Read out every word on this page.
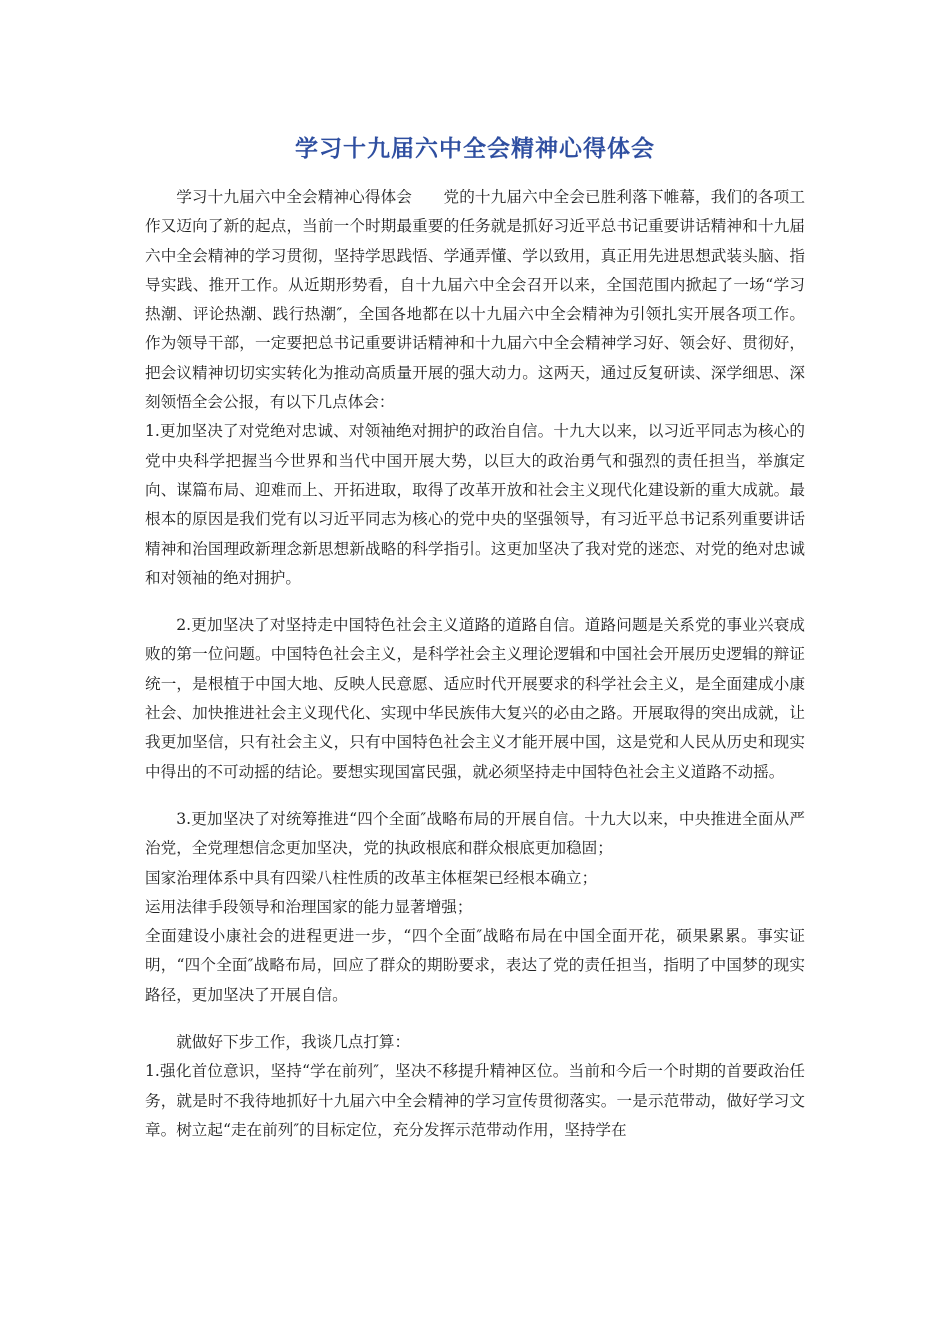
学习十九届六中全会精神心得体会

学习十九届六中全会精神心得体会　　党的十九届六中全会已胜利落下帷幕，我们的各项工作又迈向了新的起点，当前一个时期最重要的任务就是抓好习近平总书记重要讲话精神和十九届六中全会精神的学习贯彻，坚持学思践悟、学通弄懂、学以致用，真正用先进思想武装头脑、指导实践、推开工作。从近期形势看，自十九届六中全会召开以来，全国范围内掀起了一场“学习热潮、评论热潮、践行热潮″，全国各地都在以十九届六中全会精神为引领扎实开展各项工作。作为领导干部，一定要把总书记重要讲话精神和十九届六中全会精神学习好、领会好、贯彻好，把会议精神切切实实转化为推动高质量开展的强大动力。这两天，通过反复研读、深学细思、深刻领悟全会公报，有以下几点体会：

1.更加坚决了对党绝对忠诚、对领袖绝对拥护的政治自信。十九大以来，以习近平同志为核心的党中央科学把握当今世界和当代中国开展大势，以巨大的政治勇气和强烈的责任担当，举旗定向、谋篇布局、迎难而上、开拓进取，取得了改革开放和社会主义现代化建设新的重大成就。最根本的原因是我们党有以习近平同志为核心的党中央的坚强领导，有习近平总书记系列重要讲话精神和治国理政新理念新思想新战略的科学指引。这更加坚决了我对党的迷恋、对党的绝对忠诚和对领袖的绝对拥护。

2.更加坚决了对坚持走中国特色社会主义道路的道路自信。道路问题是关系党的事业兴衰成败的第一位问题。中国特色社会主义，是科学社会主义理论逻辑和中国社会开展历史逻辑的辩证统一，是根植于中国大地、反映人民意愿、适应时代开展要求的科学社会主义，是全面建成小康社会、加快推进社会主义现代化、实现中华民族伟大复兴的必由之路。开展取得的突出成就，让我更加坚信，只有社会主义，只有中国特色社会主义才能开展中国，这是党和人民从历史和现实中得出的不可动摇的结论。要想实现国富民强，就必须坚持走中国特色社会主义道路不动摇。

3.更加坚决了对统筹推进“四个全面″战略布局的开展自信。十九大以来，中央推进全面从严治党，全党理想信念更加坚决，党的执政根底和群众根底更加稳固；

国家治理体系中具有四梁八柱性质的改革主体框架已经根本确立；

运用法律手段领导和治理国家的能力显著增强；

全面建设小康社会的进程更进一步，“四个全面″战略布局在中国全面开花，硕果累累。事实证明，“四个全面″战略布局，回应了群众的期盼要求，表达了党的责任担当，指明了中国梦的现实路径，更加坚决了开展自信。

就做好下步工作，我谈几点打算：

1.强化首位意识，坚持“学在前列″，坚决不移提升精神区位。当前和今后一个时期的首要政治任务，就是时不我待地抓好十九届六中全会精神的学习宣传贯彻落实。一是示范带动，做好学习文章。树立起“走在前列″的目标定位，充分发挥示范带动作用，坚持学在
